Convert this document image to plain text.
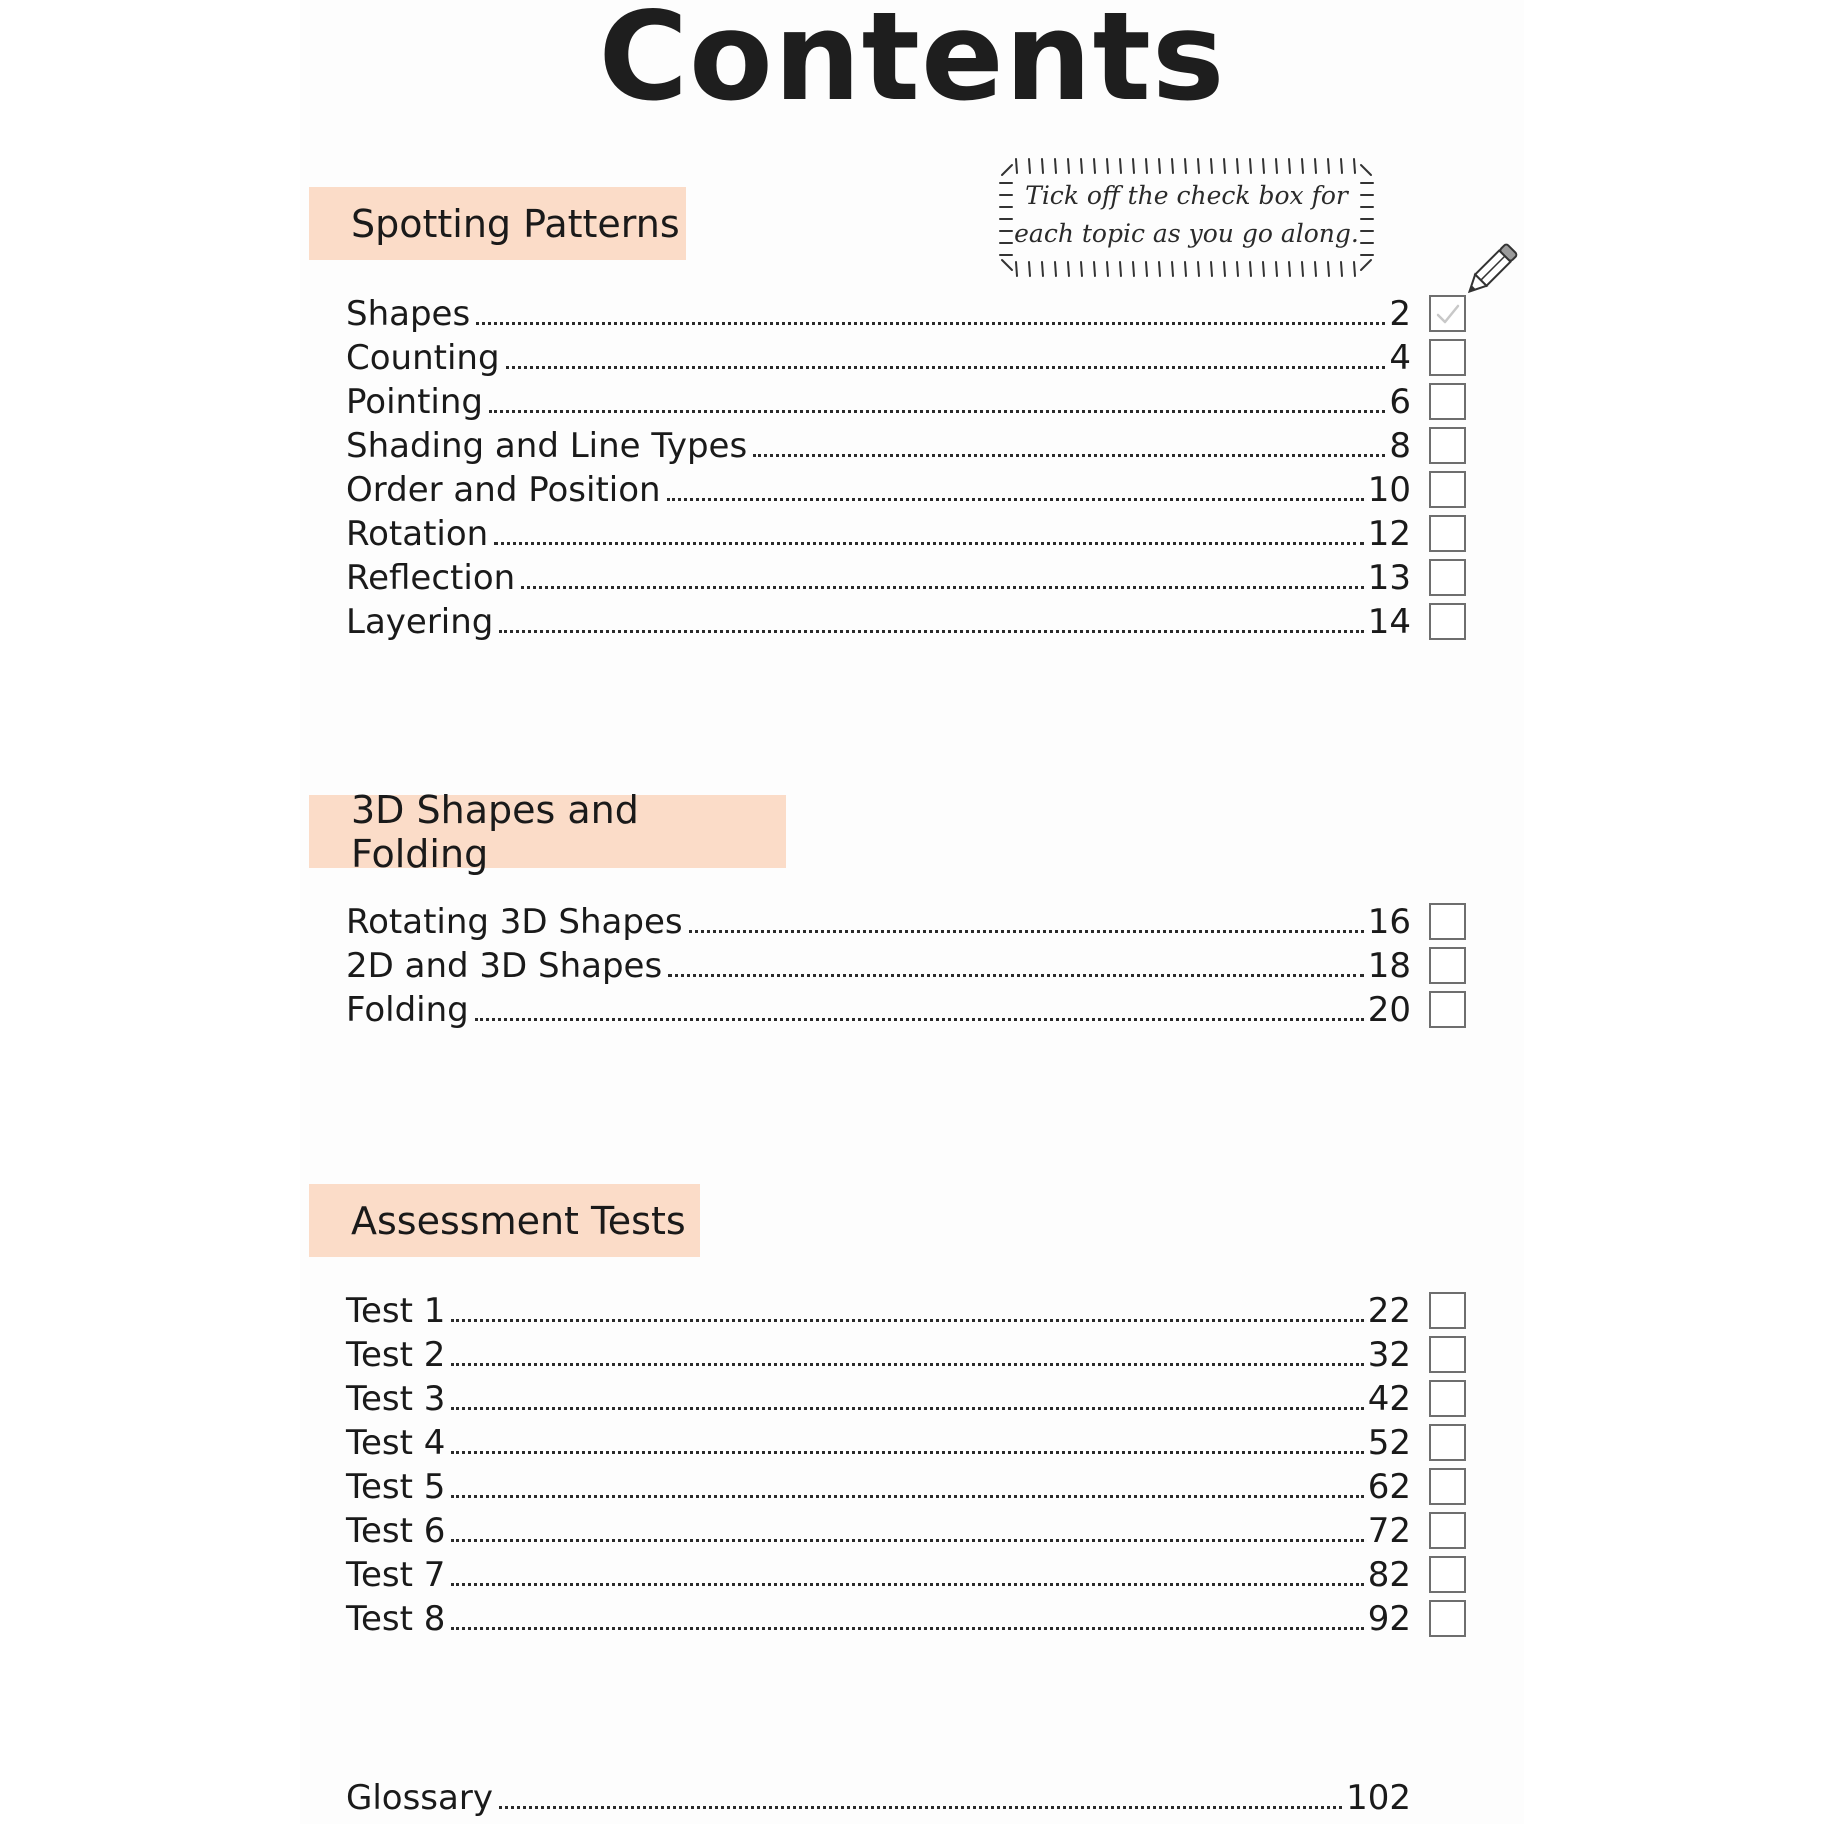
Contents
Spotting Patterns
Tick off the check box for
each topic as you go along.
Shapes	2
Counting	4
Pointing	6
Shading and Line Types	8
Order and Position	10
Rotation	12
Reflection	13
Layering	14
3D Shapes and Folding
Rotating 3D Shapes	16
2D and 3D Shapes	18
Folding	20
Assessment Tests
Test 1	22
Test 2	32
Test 3	42
Test 4	52
Test 5	62
Test 6	72
Test 7	82
Test 8	92
Glossary	102
